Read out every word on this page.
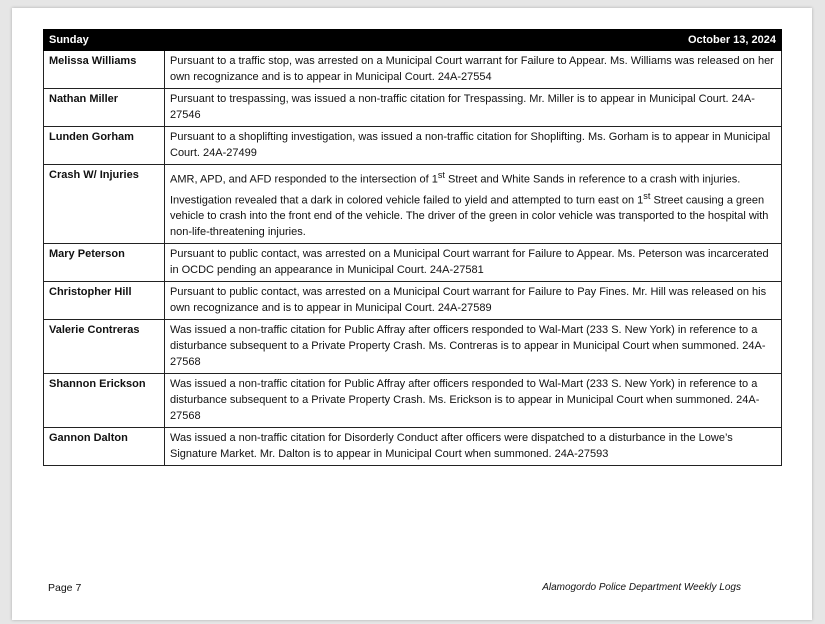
Sunday	October 13, 2024
Melissa Williams	Pursuant to a traffic stop, was arrested on a Municipal Court warrant for Failure to Appear. Ms. Williams was released on her own recognizance and is to appear in Municipal Court. 24A-27554
Nathan Miller	Pursuant to trespassing, was issued a non-traffic citation for Trespassing. Mr. Miller is to appear in Municipal Court. 24A-27546
Lunden Gorham	Pursuant to a shoplifting investigation, was issued a non-traffic citation for Shoplifting. Ms. Gorham is to appear in Municipal Court. 24A-27499
Crash W/ Injuries	AMR, APD, and AFD responded to the intersection of 1st Street and White Sands in reference to a crash with injuries. Investigation revealed that a dark in colored vehicle failed to yield and attempted to turn east on 1st Street causing a green vehicle to crash into the front end of the vehicle. The driver of the green in color vehicle was transported to the hospital with non-life-threatening injuries.
Mary Peterson	Pursuant to public contact, was arrested on a Municipal Court warrant for Failure to Appear. Ms. Peterson was incarcerated in OCDC pending an appearance in Municipal Court. 24A-27581
Christopher Hill	Pursuant to public contact, was arrested on a Municipal Court warrant for Failure to Pay Fines. Mr. Hill was released on his own recognizance and is to appear in Municipal Court. 24A-27589
Valerie Contreras	Was issued a non-traffic citation for Public Affray after officers responded to Wal-Mart (233 S. New York) in reference to a disturbance subsequent to a Private Property Crash. Ms. Contreras is to appear in Municipal Court when summoned. 24A-27568
Shannon Erickson	Was issued a non-traffic citation for Public Affray after officers responded to Wal-Mart (233 S. New York) in reference to a disturbance subsequent to a Private Property Crash. Ms. Erickson is to appear in Municipal Court when summoned. 24A-27568
Gannon Dalton	Was issued a non-traffic citation for Disorderly Conduct after officers were dispatched to a disturbance in the Lowe’s Signature Market. Mr. Dalton is to appear in Municipal Court when summoned. 24A-27593
Page 7	Alamogordo Police Department Weekly Logs
